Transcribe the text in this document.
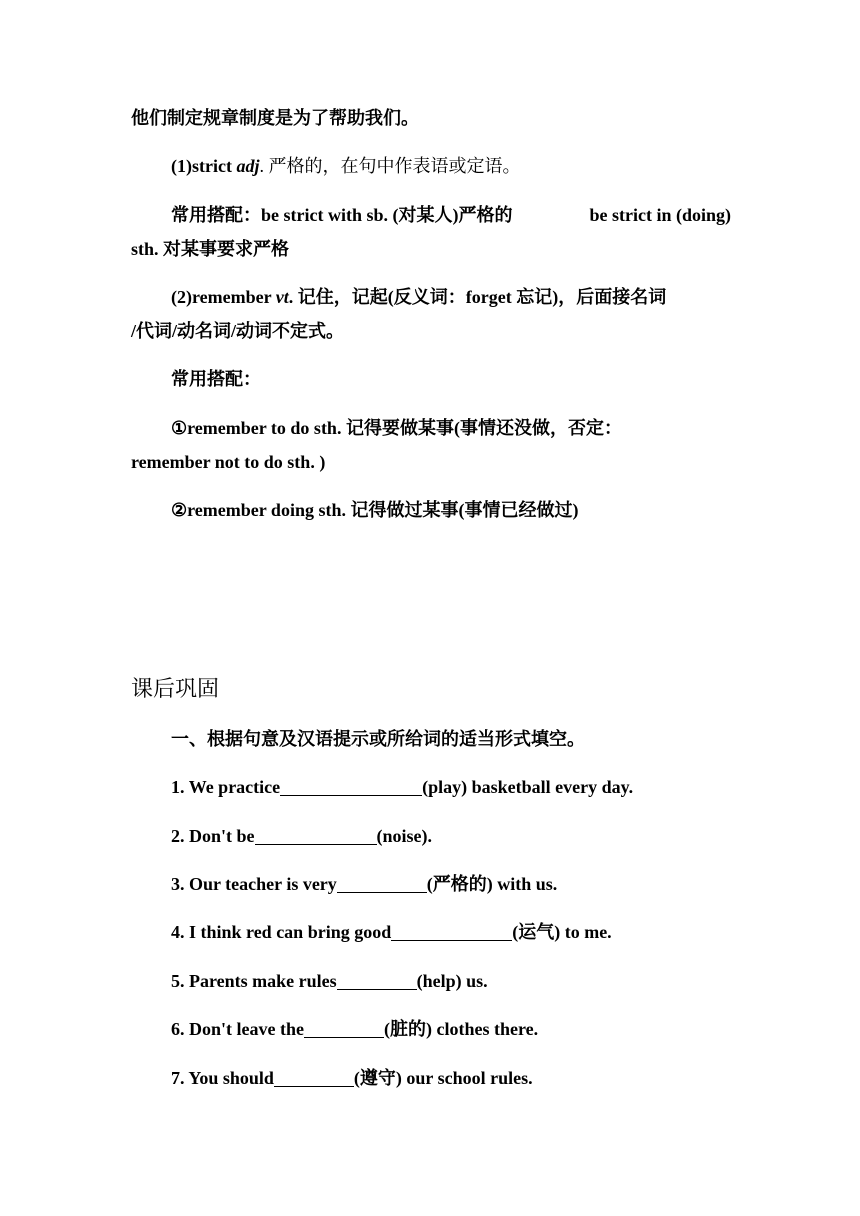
他们制定规章制度是为了帮助我们。
(1)strict adj. 严格的，在句中作表语或定语。
常用搭配：be strict with sb. (对某人)严格的	be strict in (doing)
sth. 对某事要求严格
(2)remember vt. 记住，记起(反义词：forget 忘记)，后面接名词
/代词/动名词/动词不定式。
常用搭配：
①remember to do sth. 记得要做某事(事情还没做，否定：
remember not to do sth. )
②remember doing sth. 记得做过某事(事情已经做过)
课后巩固
一、根据句意及汉语提示或所给词的适当形式填空。
1. We practice	(play) basketball every day.
2. Don't be	(noise).
3. Our teacher is very	(严格的) with us.
4. I think red can bring good	(运气) to me.
5. Parents make rules	(help) us.
6. Don't leave the	(脏的) clothes there.
7. You should	(遵守) our school rules.
